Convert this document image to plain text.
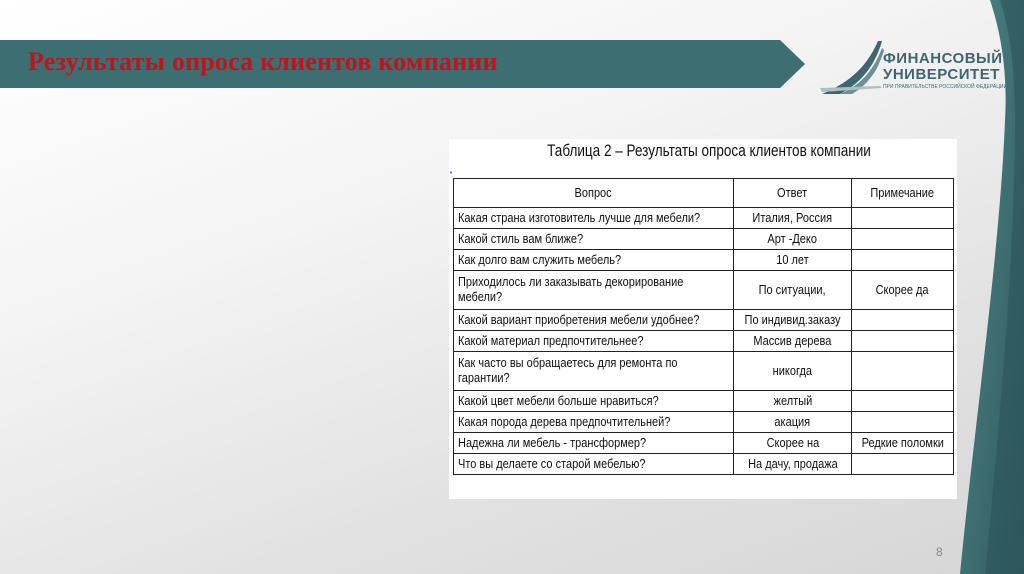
Результаты опроса клиентов компании	ФИНАНСОВЫЙ
УНИВЕРСИТЕТ
ПРИ ПРАВИТЕЛЬСТВЕ РОССИЙСКОЙ ФЕДЕРАЦИИ
•
Таблица 2 – Результаты опроса клиентов компании
Вопрос	Ответ	Примечание
Какая страна изготовитель лучше для мебели?	Италия, Россия	
Какой стиль вам ближе?	Арт -Деко	
Как долго вам служить мебель?	10 лет	
Приходилось ли заказывать декорирование мебели?	По ситуации,	Скорее да
Какой вариант приобретения мебели удобнее?	По индивид.заказу	
Какой материал предпочтительнее?	Массив дерева	
Как часто вы обращаетесь для ремонта по гарантии?	никогда	
Какой цвет мебели больше нравиться?	желтый	
Какая порода дерева предпочтительней?	акация	
Надежна ли мебель - трансформер?	Скорее на	Редкие поломки
Что вы делаете со старой мебелью?	На дачу, продажа	
8
